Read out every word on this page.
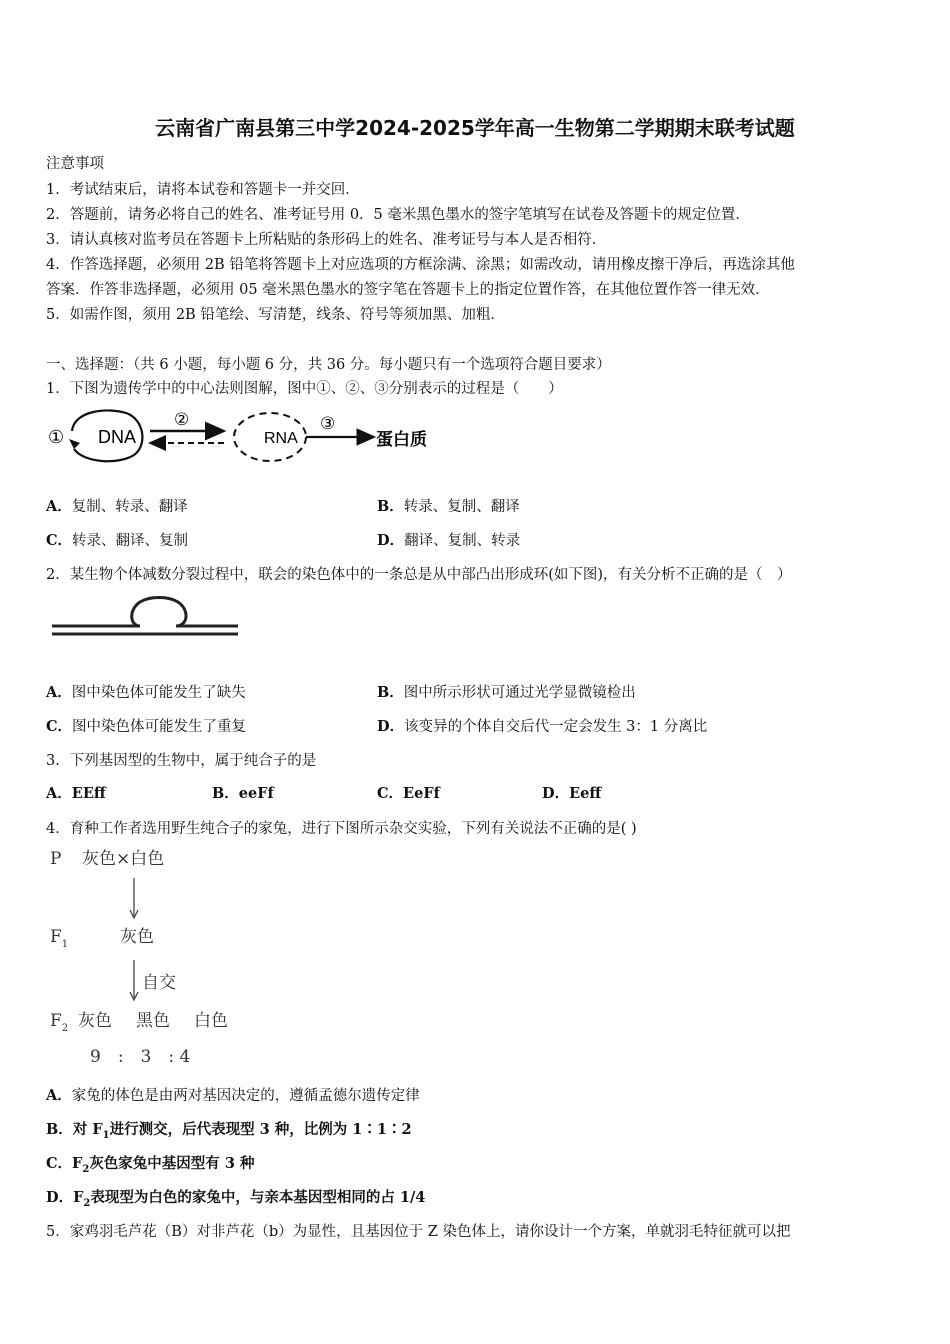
云南省广南县第三中学2024-2025学年高一生物第二学期期末联考试题
注意事项
1．考试结束后，请将本试卷和答题卡一并交回．
2．答题前，请务必将自己的姓名、准考证号用 0．5 毫米黑色墨水的签字笔填写在试卷及答题卡的规定位置．
3．请认真核对监考员在答题卡上所粘贴的条形码上的姓名、准考证号与本人是否相符．
4．作答选择题，必须用 2B 铅笔将答题卡上对应选项的方框涂满、涂黑；如需改动，请用橡皮擦干净后，再选涂其他
答案．作答非选择题，必须用 05 毫米黑色墨水的签字笔在答题卡上的指定位置作答，在其他位置作答一律无效．
5．如需作图，须用 2B 铅笔绘、写清楚，线条、符号等须加黑、加粗．
一、选择题：（共 6 小题，每小题 6 分，共 36 分。每小题只有一个选项符合题目要求）
1．下图为遗传学中的中心法则图解，图中①、②、③分别表示的过程是（　　）
① DNA
②
RNA
③
蛋白质
A．复制、转录、翻译	B．转录、复制、翻译
C．转录、翻译、复制	D．翻译、复制、转录
2．某生物个体减数分裂过程中，联会的染色体中的一条总是从中部凸出形成环(如下图)，有关分析不正确的是（　）
A．图中染色体可能发生了缺失	B．图中所示形状可通过光学显微镜检出
C．图中染色体可能发生了重复	D．该变异的个体自交后代一定会发生 3：1 分离比
3．下列基因型的生物中，属于纯合子的是
A．EEff	B．eeFf	C．EeFf	D．Eeff
4．育种工作者选用野生纯合子的家兔，进行下图所示杂交实验，下列有关说法不正确的是( )
P 灰色×白色
$F_1$	灰色
自交
$F_2$ 灰色 黑色 白色
9　:　3　: 4
A．家兔的体色是由两对基因决定的，遵循孟德尔遗传定律
B．对 $F_1$进行测交，后代表现型 3 种，比例为 1∶1∶2
C．$F_2$灰色家兔中基因型有 3 种
D．$F_2$表现型为白色的家兔中，与亲本基因型相同的占 1/4
5．家鸡羽毛芦花（B）对非芦花（b）为显性，且基因位于 Z 染色体上，请你设计一个方案，单就羽毛特征就可以把
